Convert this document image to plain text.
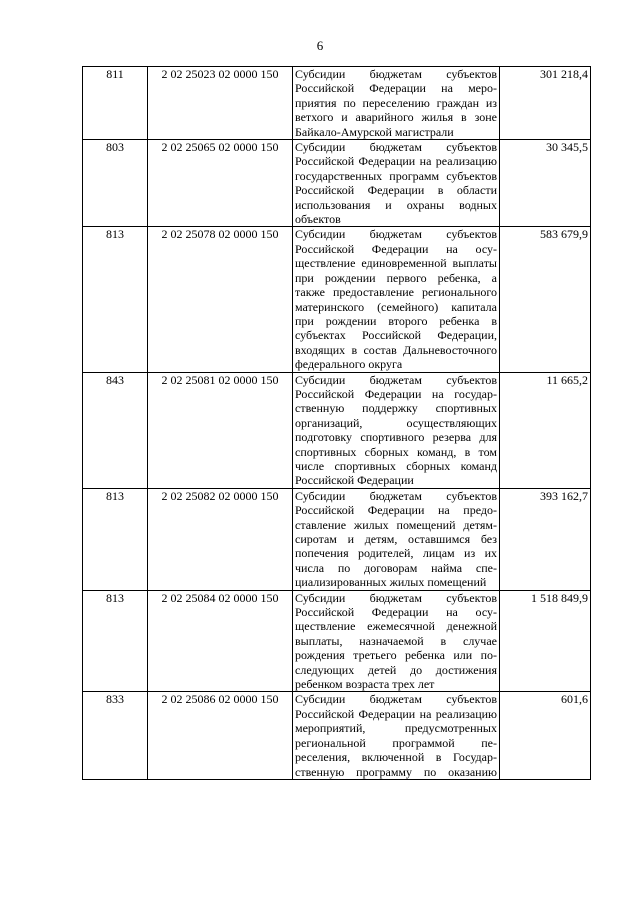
6
811	2 02 25023 02 0000 150	Субсидии бюджетам субъектов Российской Федерации на мероприятия по переселению граждан из ветхого и аварийного жилья в зоне Байкало-Амурской магистрали	301 218,4
803	2 02 25065 02 0000 150	Субсидии бюджетам субъектов Российской Федерации на реализацию государственных программ субъектов Российской Федерации в области использования и охраны водных объектов	30 345,5
813	2 02 25078 02 0000 150	Субсидии бюджетам субъектов Российской Федерации на осуществление единовременной выплаты при рождении первого ребенка, а также предоставление регионального материнского (семейного) капитала при рождении второго ребенка в субъектах Российской Федерации, входящих в состав Дальневосточного федерального округа	583 679,9
843	2 02 25081 02 0000 150	Субсидии бюджетам субъектов Российской Федерации на государственную поддержку спортивных организаций, осуществляющих подготовку спортивного резерва для спортивных сборных команд, в том числе спортивных сборных команд Российской Федерации	11 665,2
813	2 02 25082 02 0000 150	Субсидии бюджетам субъектов Российской Федерации на предоставление жилых помещений детям-сиротам и детям, оставшимся без попечения родителей, лицам из их числа по договорам найма специализированных жилых помещений	393 162,7
813	2 02 25084 02 0000 150	Субсидии бюджетам субъектов Российской Федерации на осуществление ежемесячной денежной выплаты, назначаемой в случае рождения третьего ребенка или последующих детей до достижения ребенком возраста трех лет	1 518 849,9
833	2 02 25086 02 0000 150	Субсидии бюджетам субъектов Российской Федерации на реализацию мероприятий, предусмотренных региональной программой переселения, включенной в Государственную программу по оказанию	601,6
